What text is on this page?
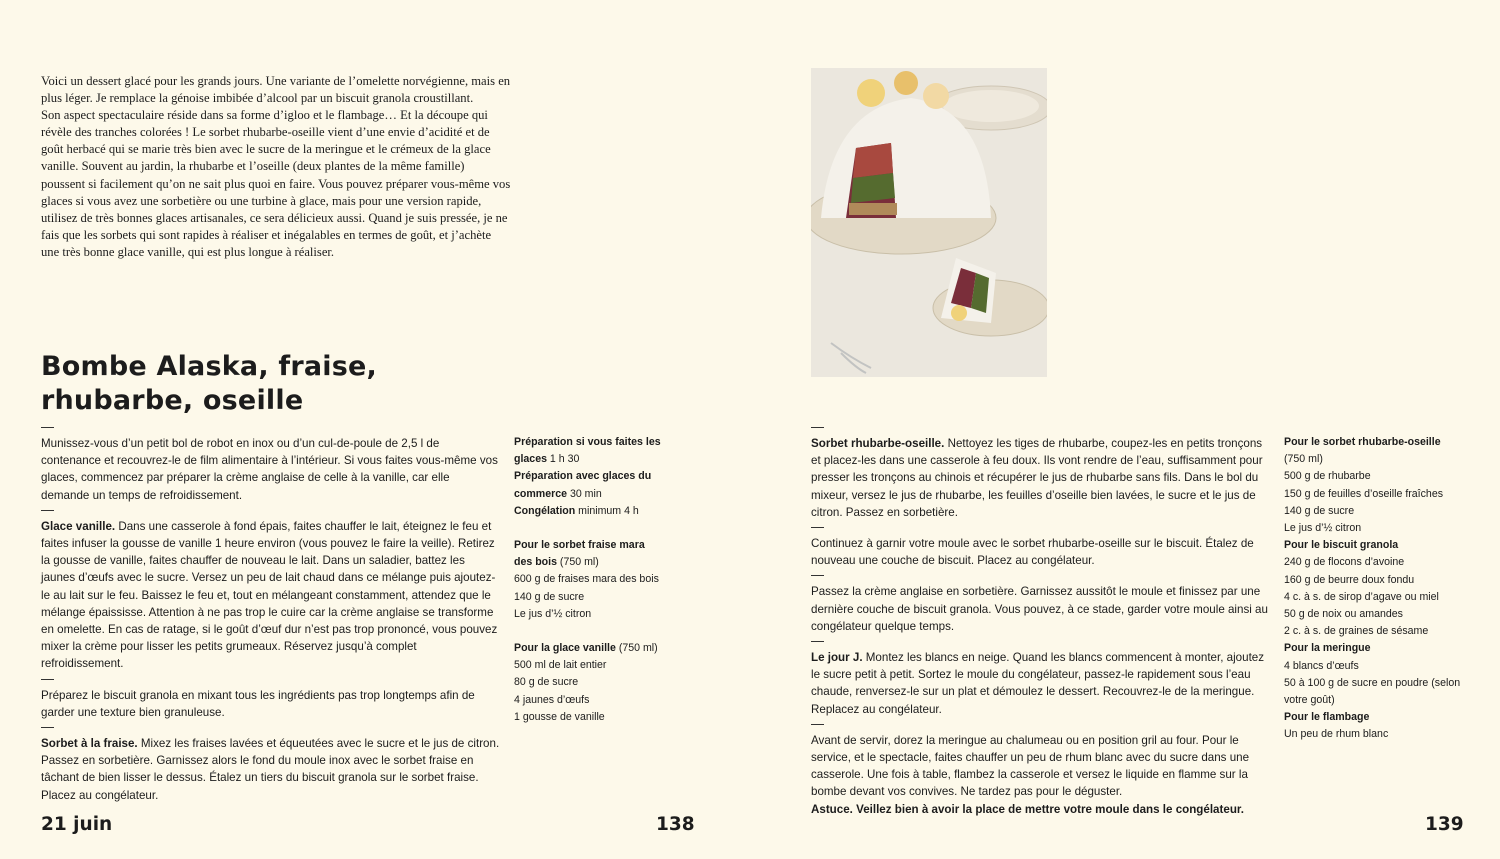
Voici un dessert glacé pour les grands jours. Une variante de l’omelette norvégienne, mais en plus léger. Je remplace la génoise imbibée d’alcool par un biscuit granola croustillant.

Son aspect spectaculaire réside dans sa forme d’igloo et le flambage… Et la découpe qui révèle des tranches colorées ! Le sorbet rhubarbe-oseille vient d’une envie d’acidité et de goût herbacé qui se marie très bien avec le sucre de la meringue et le crémeux de la glace vanille. Souvent au jardin, la rhubarbe et l’oseille (deux plantes de la même famille) poussent si facilement qu’on ne sait plus quoi en faire. Vous pouvez préparer vous-même vos glaces si vous avez une sorbetière ou une turbine à glace, mais pour une version rapide, utilisez de très bonnes glaces artisanales, ce sera délicieux aussi. Quand je suis pressée, je ne fais que les sorbets qui sont rapides à réaliser et inégalables en termes de goût, et j’achète une très bonne glace vanille, qui est plus longue à réaliser.

Bombe Alaska, fraise,
rhubarbe, oseille

Munissez-vous d’un petit bol de robot en inox ou d’un cul-de-poule de 2,5 l de contenance et recouvrez-le de film alimentaire à l’intérieur. Si vous faites vous-même vos glaces, commencez par préparer la crème anglaise de celle à la vanille, car elle demande un temps de refroidissement.

Glace vanille. Dans une casserole à fond épais, faites chauffer le lait, éteignez le feu et faites infuser la gousse de vanille 1 heure environ (vous pouvez le faire la veille). Retirez la gousse de vanille, faites chauffer de nouveau le lait. Dans un saladier, battez les jaunes d’œufs avec le sucre. Versez un peu de lait chaud dans ce mélange puis ajoutez-le au lait sur le feu. Baissez le feu et, tout en mélangeant constamment, attendez que le mélange épaississe. Attention à ne pas trop le cuire car la crème anglaise se transforme en omelette. En cas de ratage, si le goût d’œuf dur n’est pas trop prononcé, vous pouvez mixer la crème pour lisser les petits grumeaux. Réservez jusqu’à complet refroidissement.

Préparez le biscuit granola en mixant tous les ingrédients pas trop longtemps afin de garder une texture bien granuleuse.

Sorbet à la fraise. Mixez les fraises lavées et équeutées avec le sucre et le jus de citron. Passez en sorbetière. Garnissez alors le fond du moule inox avec le sorbet fraise en tâchant de bien lisser le dessus. Étalez un tiers du biscuit granola sur le sorbet fraise. Placez au congélateur.

Préparation si vous faites les glaces 1 h 30

Préparation avec glaces du commerce 30 min

Congélation minimum 4 h

Pour le sorbet fraise mara des bois (750 ml)

600 g de fraises mara des bois

140 g de sucre

Le jus d’½ citron

Pour la glace vanille (750 ml)

500 ml de lait entier

80 g de sucre

4 jaunes d’œufs

1 gousse de vanille

Sorbet rhubarbe-oseille. Nettoyez les tiges de rhubarbe, coupez-les en petits tronçons et placez-les dans une casserole à feu doux. Ils vont rendre de l’eau, suffisamment pour presser les tronçons au chinois et récupérer le jus de rhubarbe sans fils. Dans le bol du mixeur, versez le jus de rhubarbe, les feuilles d’oseille bien lavées, le sucre et le jus de citron. Passez en sorbetière.

Continuez à garnir votre moule avec le sorbet rhubarbe-oseille sur le biscuit. Étalez de nouveau une couche de biscuit. Placez au congélateur.

Passez la crème anglaise en sorbetière. Garnissez aussitôt le moule et finissez par une dernière couche de biscuit granola. Vous pouvez, à ce stade, garder votre moule ainsi au congélateur quelque temps.

Le jour J. Montez les blancs en neige. Quand les blancs commencent à monter, ajoutez le sucre petit à petit. Sortez le moule du congélateur, passez-le rapidement sous l’eau chaude, renversez-le sur un plat et démoulez le dessert. Recouvrez-le de la meringue. Replacez au congélateur.

Avant de servir, dorez la meringue au chalumeau ou en position gril au four. Pour le service, et le spectacle, faites chauffer un peu de rhum blanc avec du sucre dans une casserole. Une fois à table, flambez la casserole et versez le liquide en flamme sur la bombe devant vos convives. Ne tardez pas pour le déguster.

Astuce. Veillez bien à avoir la place de mettre votre moule dans le congélateur.

Pour le sorbet rhubarbe-oseille

(750 ml)

500 g de rhubarbe

150 g de feuilles d’oseille fraîches

140 g de sucre

Le jus d’½ citron

Pour le biscuit granola

240 g de flocons d’avoine

160 g de beurre doux fondu

4 c. à s. de sirop d’agave ou miel

50 g de noix ou amandes

2 c. à s. de graines de sésame

Pour la meringue

4 blancs d’œufs

50 à 100 g de sucre en poudre (selon votre goût)

Pour le flambage

Un peu de rhum blanc

21 juin	138	139
